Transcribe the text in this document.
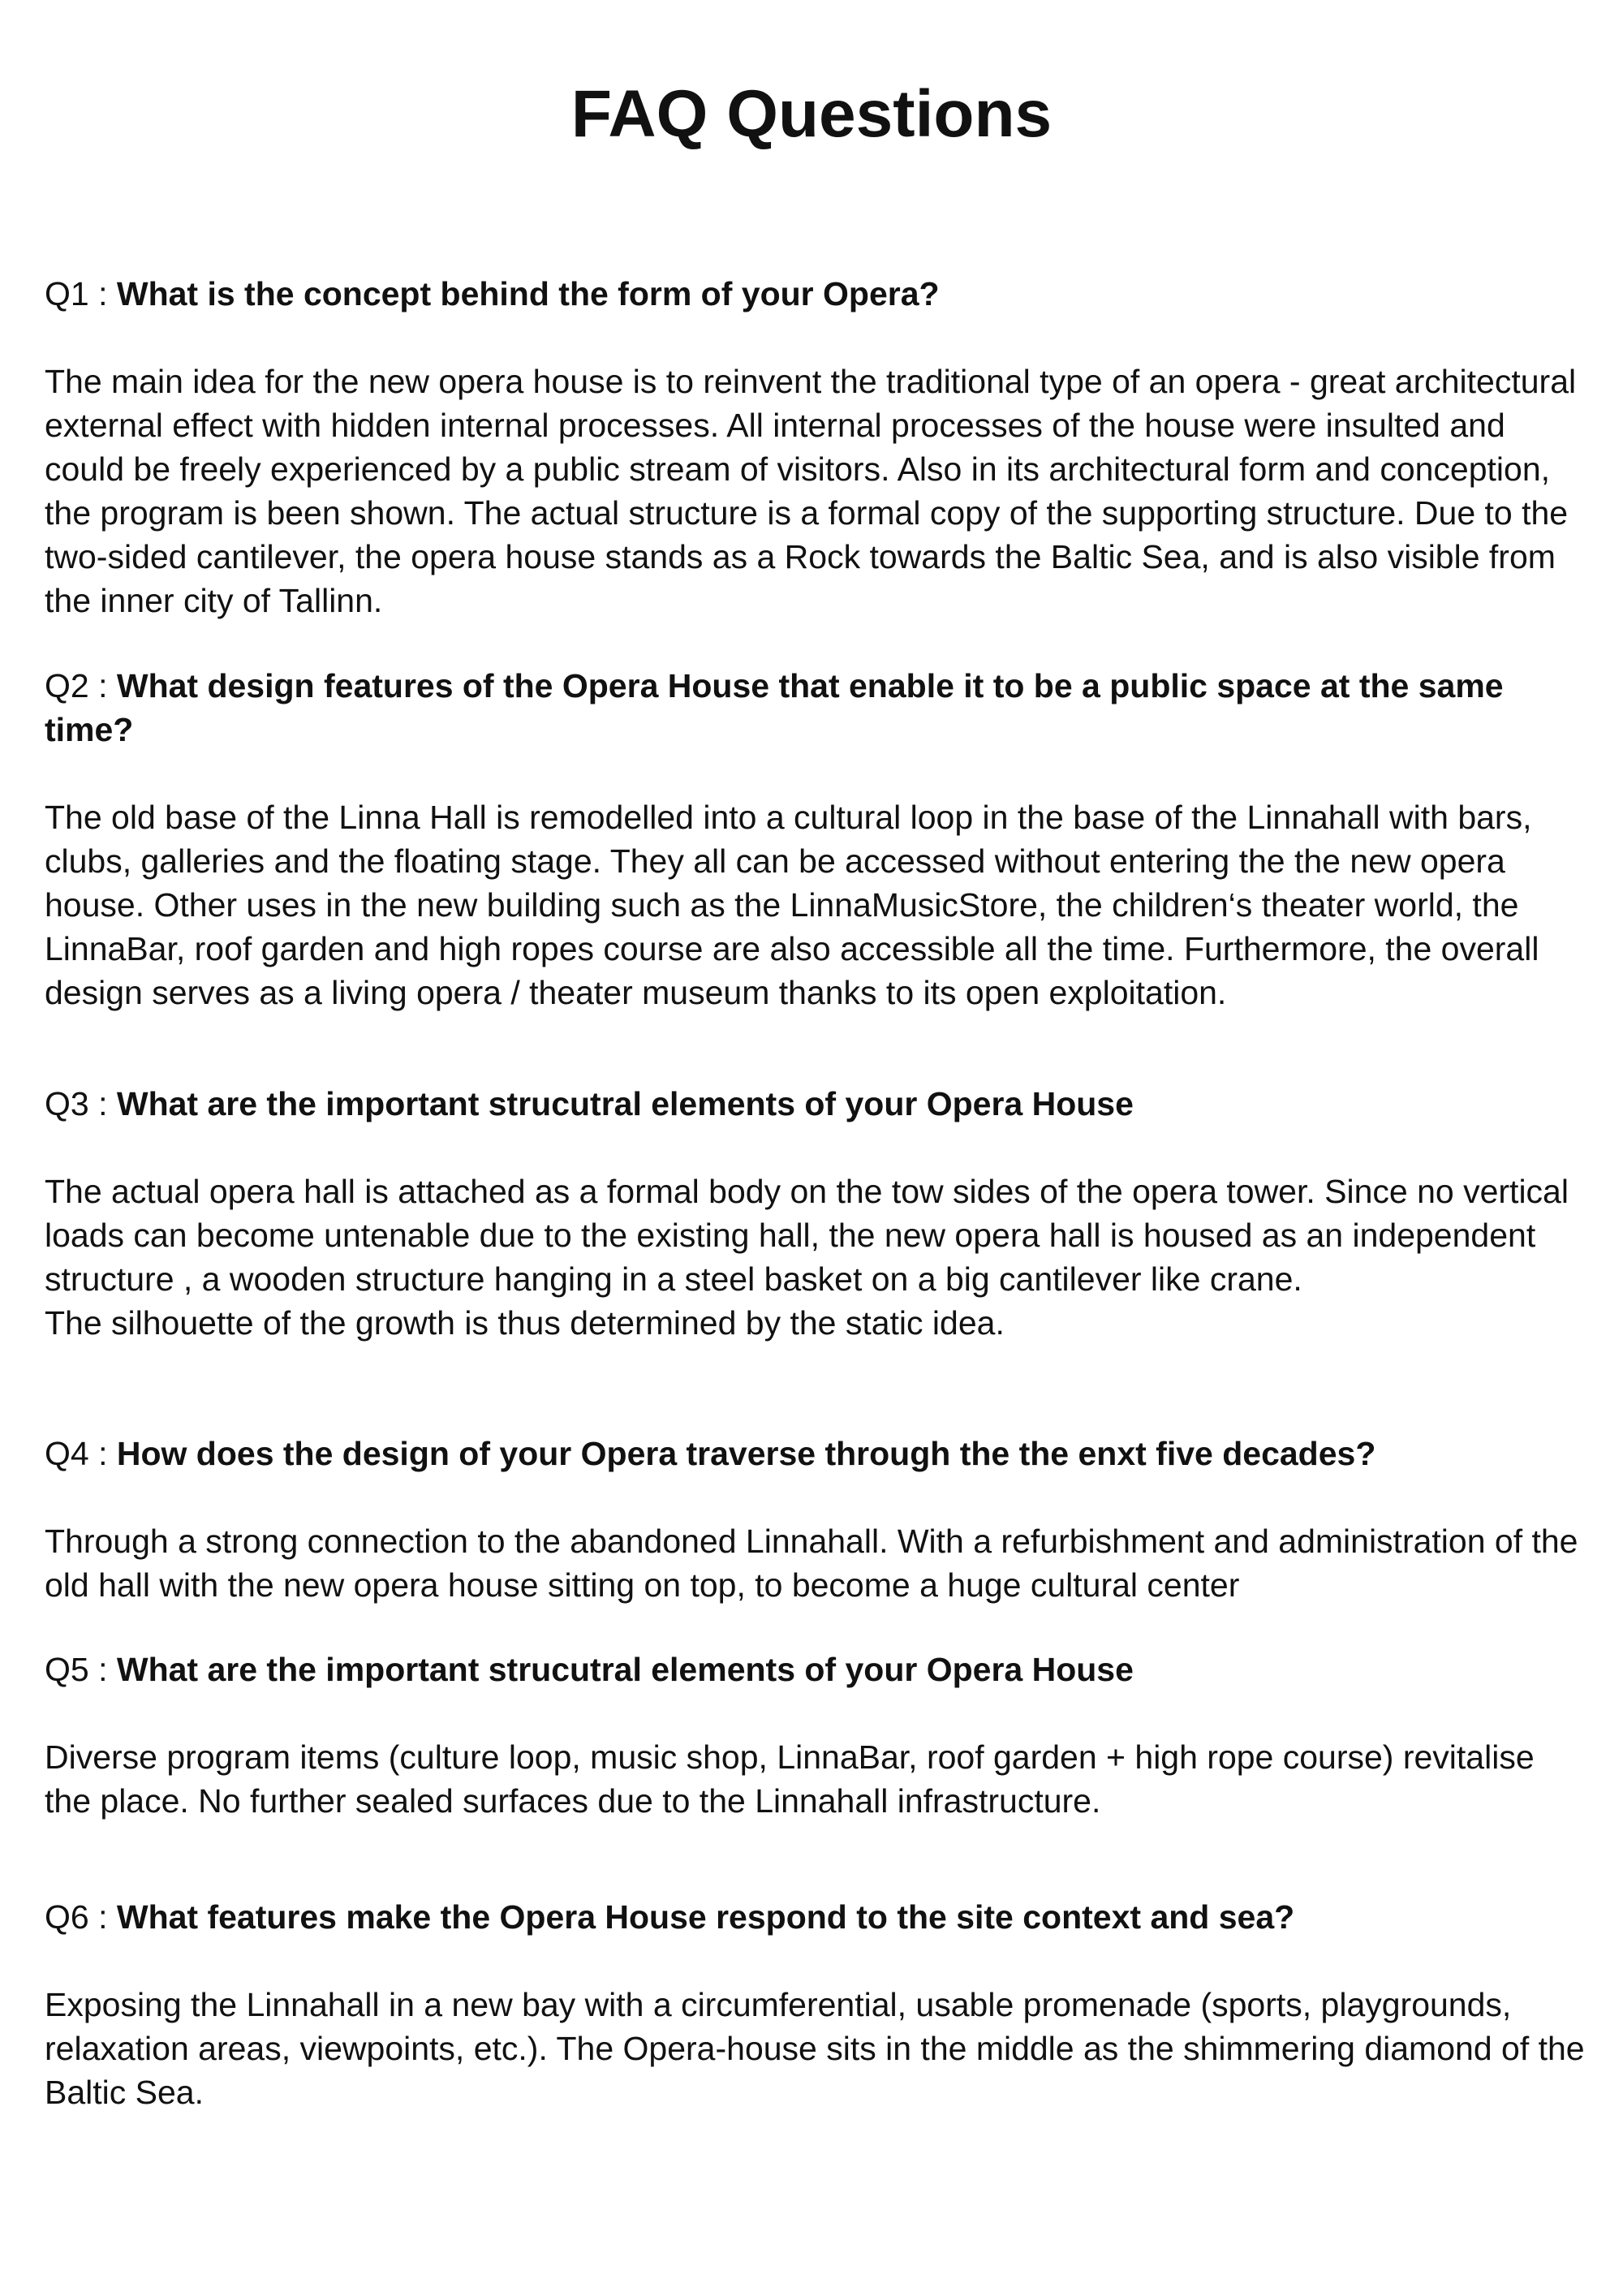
FAQ Questions

Q1 : What is the concept behind the form of your Opera?

The main idea for the new opera house is to reinvent the traditional type of an opera - great architectural external effect with hidden internal processes. All internal processes of the house were insulted and could be freely experienced by a public stream of visitors. Also in its architectural form and conception, the program is been shown. The actual structure is a formal copy of the supporting structure. Due to the two-sided cantilever, the opera house stands as a Rock towards the Baltic Sea, and is also visible from the inner city of Tallinn.

Q2 : What design features of the Opera House that enable it to be a public space at the same time?

The old base of the Linna Hall is remodelled into a cultural loop in the base of the Linnahall with bars, clubs, galleries and the floating stage. They all can be accessed without entering the the new opera house. Other uses in the new building such as the LinnaMusicStore, the children‘s theater world, the LinnaBar, roof garden and high ropes course are also accessible all the time. Furthermore, the overall design serves as a living opera / theater museum thanks to its open exploitation.

Q3 : What are the important strucutral elements of your Opera House

The actual opera hall is attached as a formal body on the tow sides of the opera tower. Since no vertical loads can become untenable due to the existing hall, the new opera hall is housed as an independent structure , a wooden structure hanging in a steel basket on a big cantilever like crane.

The silhouette of the growth is thus determined by the static idea.

Q4 : How does the design of your Opera traverse through the the enxt five decades?

Through a strong connection to the abandoned Linnahall. With a refurbishment and administration of the old hall with the new opera house sitting on top, to become a huge cultural center

Q5 : What are the important strucutral elements of your Opera House

Diverse program items (culture loop, music shop, LinnaBar, roof garden + high rope course) revitalise the place. No further sealed surfaces due to the Linnahall infrastructure.

Q6 : What features make the Opera House respond to the site context and sea?

Exposing the Linnahall in a new bay with a circumferential, usable promenade (sports, playgrounds, relaxation areas, viewpoints, etc.). The Opera-house sits in the middle as the shimmering diamond of the Baltic Sea.
